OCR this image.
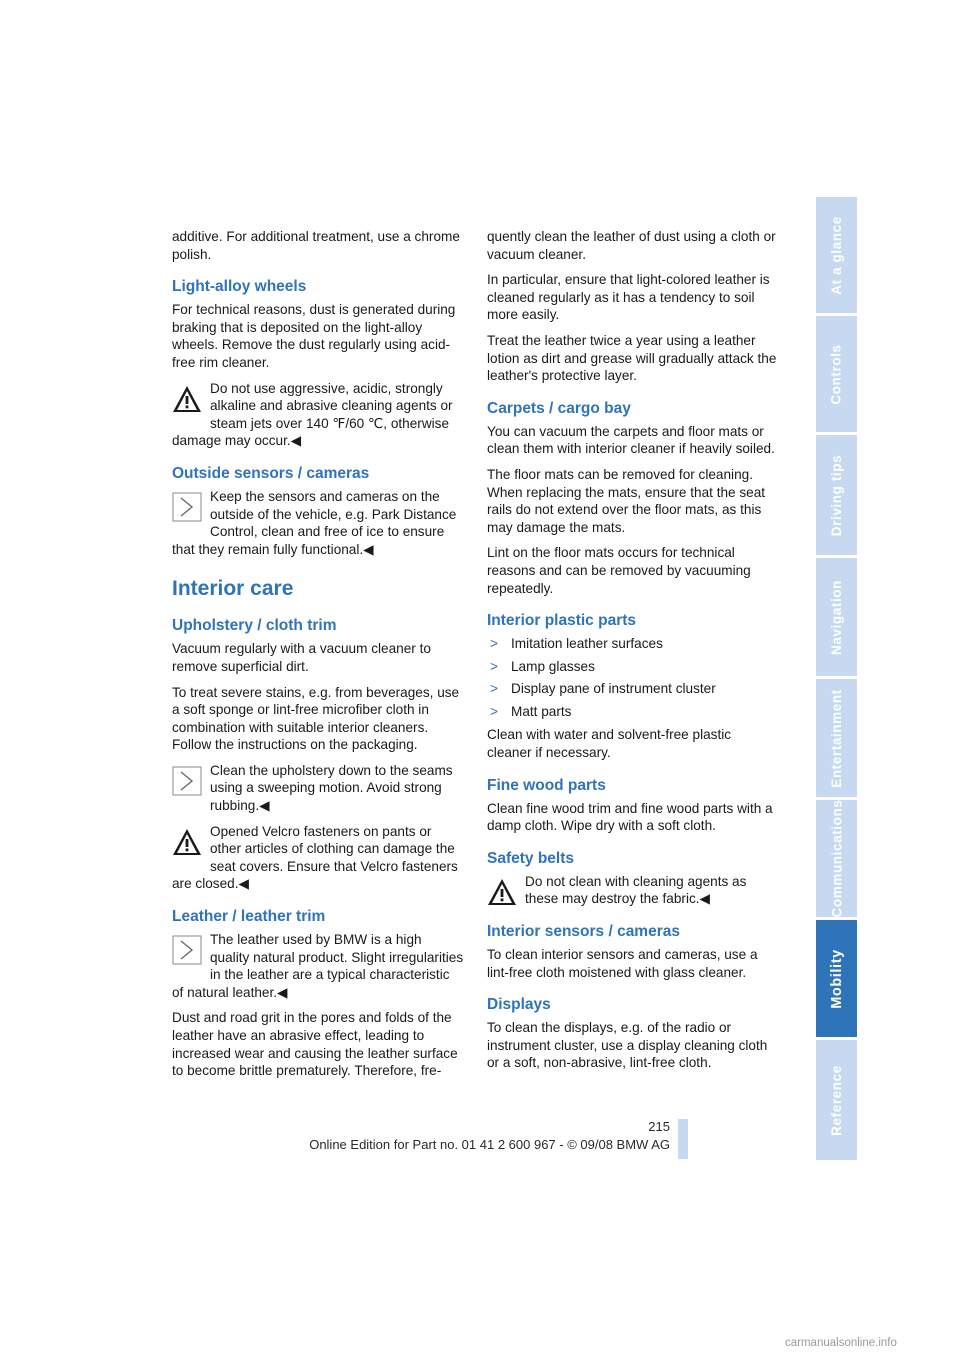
additive. For additional treatment, use a chrome polish.

Light-alloy wheels

For technical reasons, dust is generated during braking that is deposited on the light-alloy wheels. Remove the dust regularly using acid-free rim cleaner.

Do not use aggressive, acidic, strongly alkaline and abrasive cleaning agents or steam jets over 140 ℉/60 ℃, otherwise damage may occur.◀
Outside sensors / cameras
Keep the sensors and cameras on the outside of the vehicle, e.g. Park Distance Control, clean and free of ice to ensure that they remain fully functional.◀
Interior care
Upholstery / cloth trim

Vacuum regularly with a vacuum cleaner to remove superficial dirt.

To treat severe stains, e.g. from beverages, use a soft sponge or lint-free microfiber cloth in combination with suitable interior cleaners. Follow the instructions on the packaging.

Clean the upholstery down to the seams using a sweeping motion. Avoid strong rubbing.◀
Opened Velcro fasteners on pants or other articles of clothing can damage the seat covers. Ensure that Velcro fasteners are closed.◀
Leather / leather trim
The leather used by BMW is a high quality natural product. Slight irregularities in the leather are a typical characteristic of natural leather.◀

Dust and road grit in the pores and folds of the leather have an abrasive effect, leading to increased wear and causing the leather surface to become brittle prematurely. Therefore, fre-

quently clean the leather of dust using a cloth or vacuum cleaner.

In particular, ensure that light-colored leather is cleaned regularly as it has a tendency to soil more easily.

Treat the leather twice a year using a leather lotion as dirt and grease will gradually attack the leather's protective layer.

Carpets / cargo bay

You can vacuum the carpets and floor mats or clean them with interior cleaner if heavily soiled.

The floor mats can be removed for cleaning. When replacing the mats, ensure that the seat rails do not extend over the floor mats, as this may damage the mats.

Lint on the floor mats occurs for technical reasons and can be removed by vacuuming repeatedly.

Interior plastic parts
> Imitation leather surfaces
> Lamp glasses
> Display pane of instrument cluster
> Matt parts

Clean with water and solvent-free plastic cleaner if necessary.

Fine wood parts

Clean fine wood trim and fine wood parts with a damp cloth. Wipe dry with a soft cloth.

Safety belts
Do not clean with cleaning agents as these may destroy the fabric.◀
Interior sensors / cameras

To clean interior sensors and cameras, use a lint-free cloth moistened with glass cleaner.

Displays

To clean the displays, e.g. of the radio or instrument cluster, use a display cleaning cloth or a soft, non-abrasive, lint-free cloth.

At a glance
Controls
Driving tips
Navigation
Entertainment
Communications
Mobility
Reference
215
Online Edition for Part no. 01 41 2 600 967 - © 09/08 BMW AG
carmanualsonline.info
